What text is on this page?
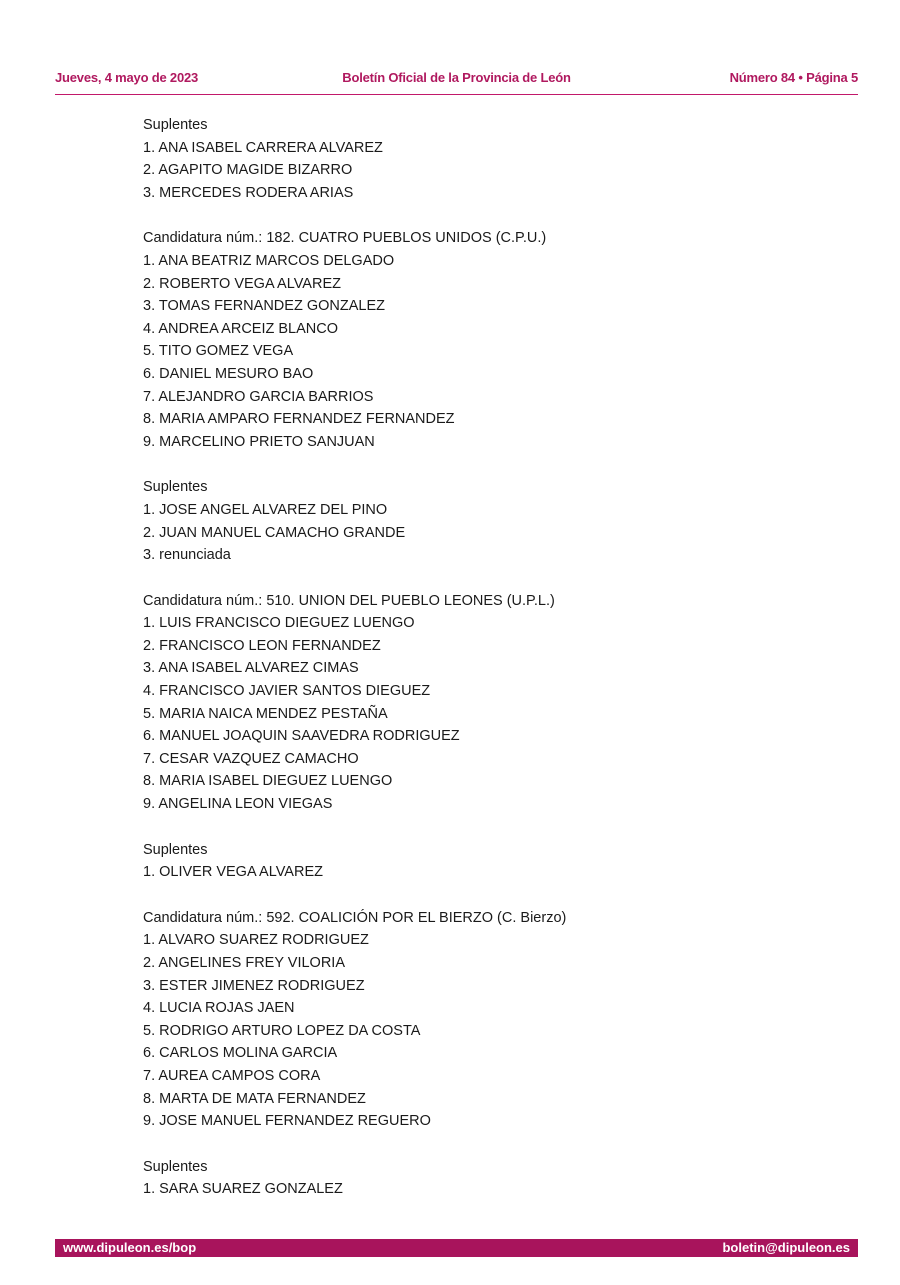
Jueves, 4 mayo de 2023	Boletín Oficial de la Provincia de León	Número 84 • Página 5
Suplentes
1. ANA ISABEL CARRERA ALVAREZ
2. AGAPITO MAGIDE BIZARRO
3. MERCEDES RODERA ARIAS
Candidatura núm.: 182. CUATRO PUEBLOS UNIDOS (C.P.U.)
1. ANA BEATRIZ MARCOS DELGADO
2. ROBERTO VEGA ALVAREZ
3. TOMAS FERNANDEZ GONZALEZ
4. ANDREA ARCEIZ BLANCO
5. TITO GOMEZ VEGA
6. DANIEL MESURO BAO
7. ALEJANDRO GARCIA BARRIOS
8. MARIA AMPARO FERNANDEZ FERNANDEZ
9. MARCELINO PRIETO SANJUAN
Suplentes
1. JOSE ANGEL ALVAREZ DEL PINO
2. JUAN MANUEL CAMACHO GRANDE
3. renunciada
Candidatura núm.: 510. UNION DEL PUEBLO LEONES (U.P.L.)
1. LUIS FRANCISCO DIEGUEZ LUENGO
2. FRANCISCO LEON FERNANDEZ
3. ANA ISABEL ALVAREZ CIMAS
4. FRANCISCO JAVIER SANTOS DIEGUEZ
5. MARIA NAICA MENDEZ PESTAÑA
6. MANUEL JOAQUIN SAAVEDRA RODRIGUEZ
7. CESAR VAZQUEZ CAMACHO
8. MARIA ISABEL DIEGUEZ LUENGO
9. ANGELINA LEON VIEGAS
Suplentes
1. OLIVER VEGA ALVAREZ
Candidatura núm.: 592. COALICIÓN POR EL BIERZO (C. Bierzo)
1. ALVARO SUAREZ RODRIGUEZ
2. ANGELINES FREY VILORIA
3. ESTER JIMENEZ RODRIGUEZ
4. LUCIA ROJAS JAEN
5. RODRIGO ARTURO LOPEZ DA COSTA
6. CARLOS MOLINA GARCIA
7. AUREA CAMPOS CORA
8. MARTA DE MATA FERNANDEZ
9. JOSE MANUEL FERNANDEZ REGUERO
Suplentes
1. SARA SUAREZ GONZALEZ
www.dipuleon.es/bop	boletin@dipuleon.es
